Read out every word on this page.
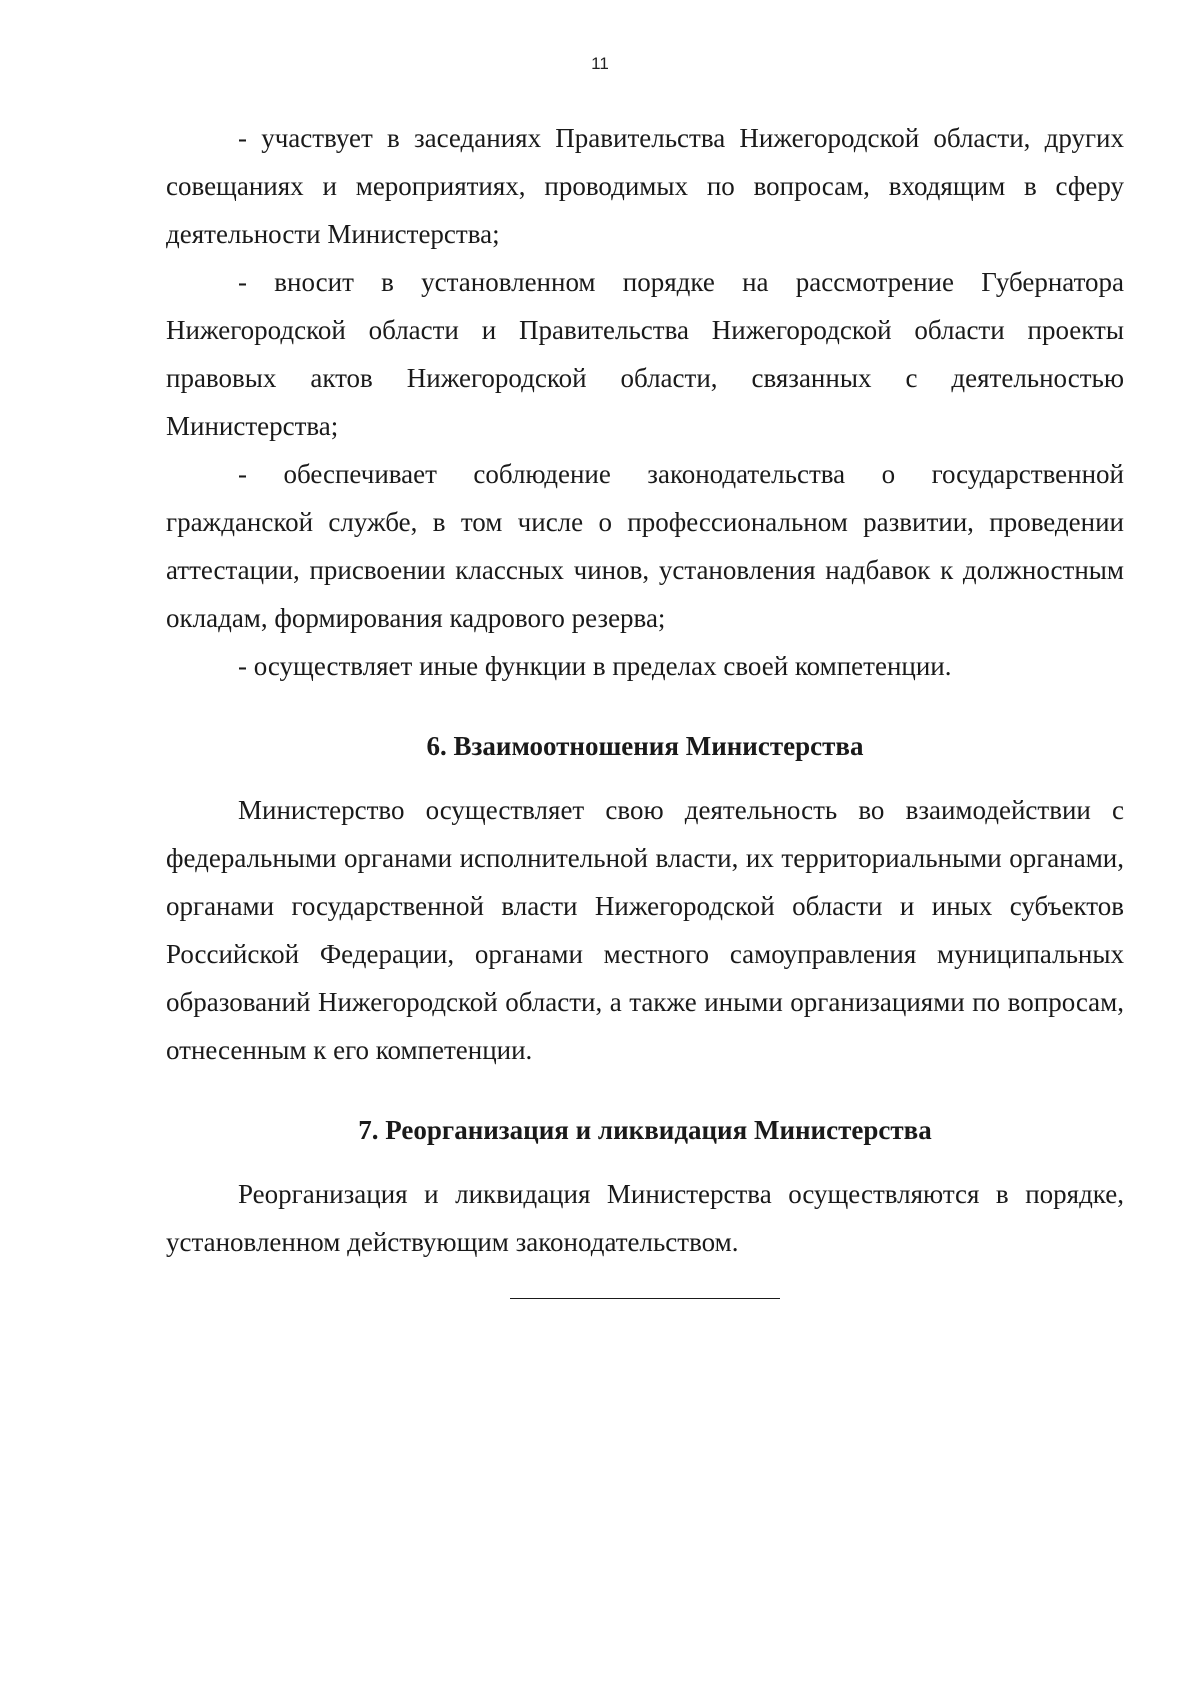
11

- участвует в заседаниях Правительства Нижегородской области, других совещаниях и мероприятиях, проводимых по вопросам, входящим в сферу деятельности Министерства;

- вносит в установленном порядке на рассмотрение Губернатора Нижегородской области и Правительства Нижегородской области проекты правовых актов Нижегородской области, связанных с деятельностью Министерства;

- обеспечивает соблюдение законодательства о государственной гражданской службе, в том числе о профессиональном развитии, проведении аттестации, присвоении классных чинов, установления надбавок к должностным окладам, формирования кадрового резерва;

- осуществляет иные функции в пределах своей компетенции.

6. Взаимоотношения Министерства

Министерство осуществляет свою деятельность во взаимодействии с федеральными органами исполнительной власти, их территориальными органами, органами государственной власти Нижегородской области и иных субъектов Российской Федерации, органами местного самоуправления муниципальных образований Нижегородской области, а также иными организациями по вопросам, отнесенным к его компетенции.

7. Реорганизация и ликвидация Министерства

Реорганизация и ликвидация Министерства осуществляются в порядке, установленном действующим законодательством.
